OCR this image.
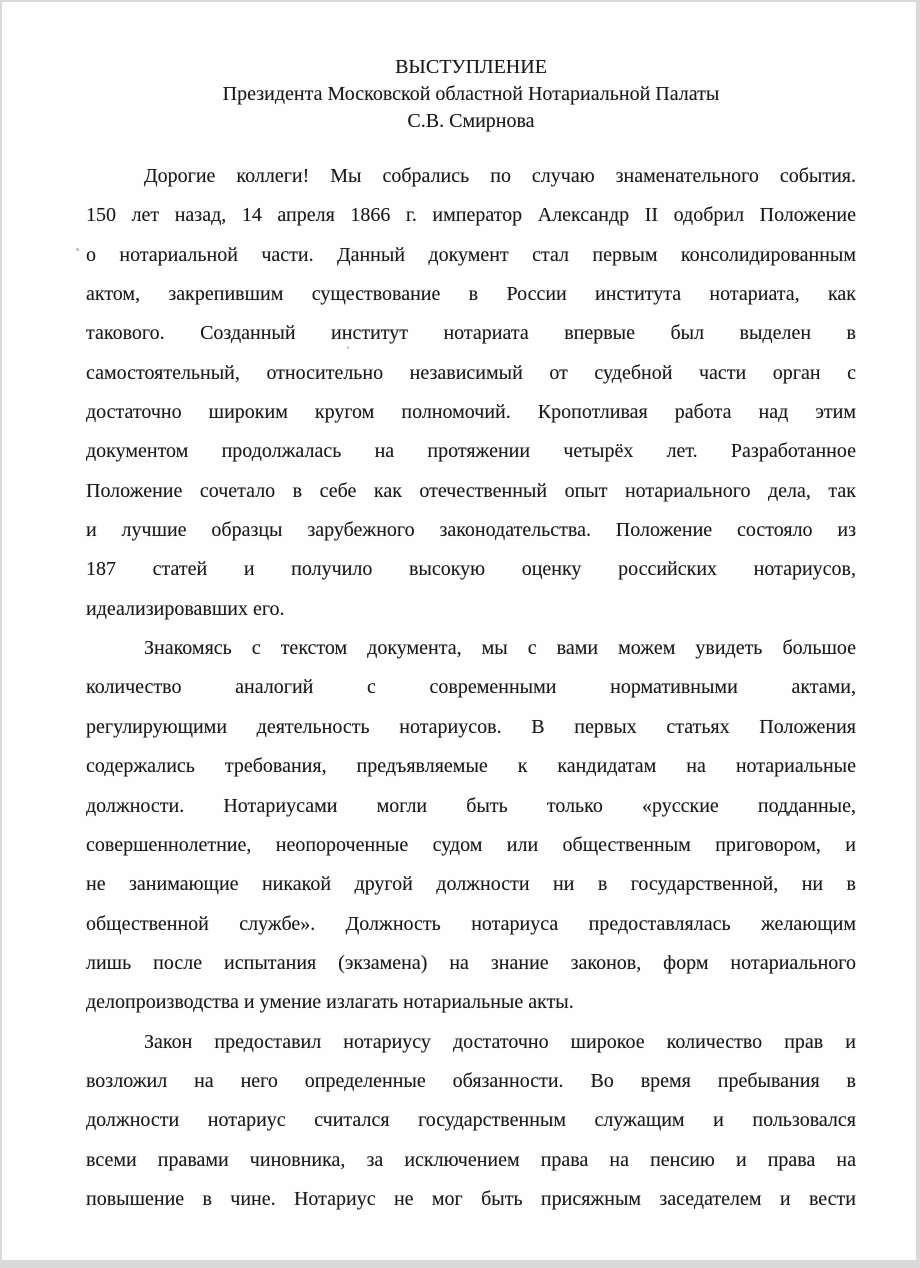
ВЫСТУПЛЕНИЕ
Президента Московской областной Нотариальной Палаты
С.В. Смирнова
Дорогие коллеги! Мы собрались по случаю знаменательного события.
150 лет назад, 14 апреля 1866 г. император Александр II одобрил Положение
о нотариальной части. Данный документ стал первым консолидированным
актом, закрепившим существование в России института нотариата, как
такового. Созданный институт нотариата впервые был выделен в
самостоятельный, относительно независимый от судебной части орган с
достаточно широким кругом полномочий. Кропотливая работа над этим
документом продолжалась на протяжении четырёх лет. Разработанное
Положение сочетало в себе как отечественный опыт нотариального дела, так
и лучшие образцы зарубежного законодательства. Положение состояло из
187 статей и получило высокую оценку российских нотариусов,
идеализировавших его.
Знакомясь с текстом документа, мы с вами можем увидеть большое
количество аналогий с современными нормативными актами,
регулирующими деятельность нотариусов. В первых статьях Положения
содержались требования, предъявляемые к кандидатам на нотариальные
должности. Нотариусами могли быть только «русские подданные,
совершеннолетние, неопороченные судом или общественным приговором, и
не занимающие никакой другой должности ни в государственной, ни в
общественной службе». Должность нотариуса предоставлялась желающим
лишь после испытания (экзамена) на знание законов, форм нотариального
делопроизводства и умение излагать нотариальные акты.
Закон предоставил нотариусу достаточно широкое количество прав и
возложил на него определенные обязанности. Во время пребывания в
должности нотариус считался государственным служащим и пользовался
всеми правами чиновника, за исключением права на пенсию и права на
повышение в чине. Нотариус не мог быть присяжным заседателем и вести
